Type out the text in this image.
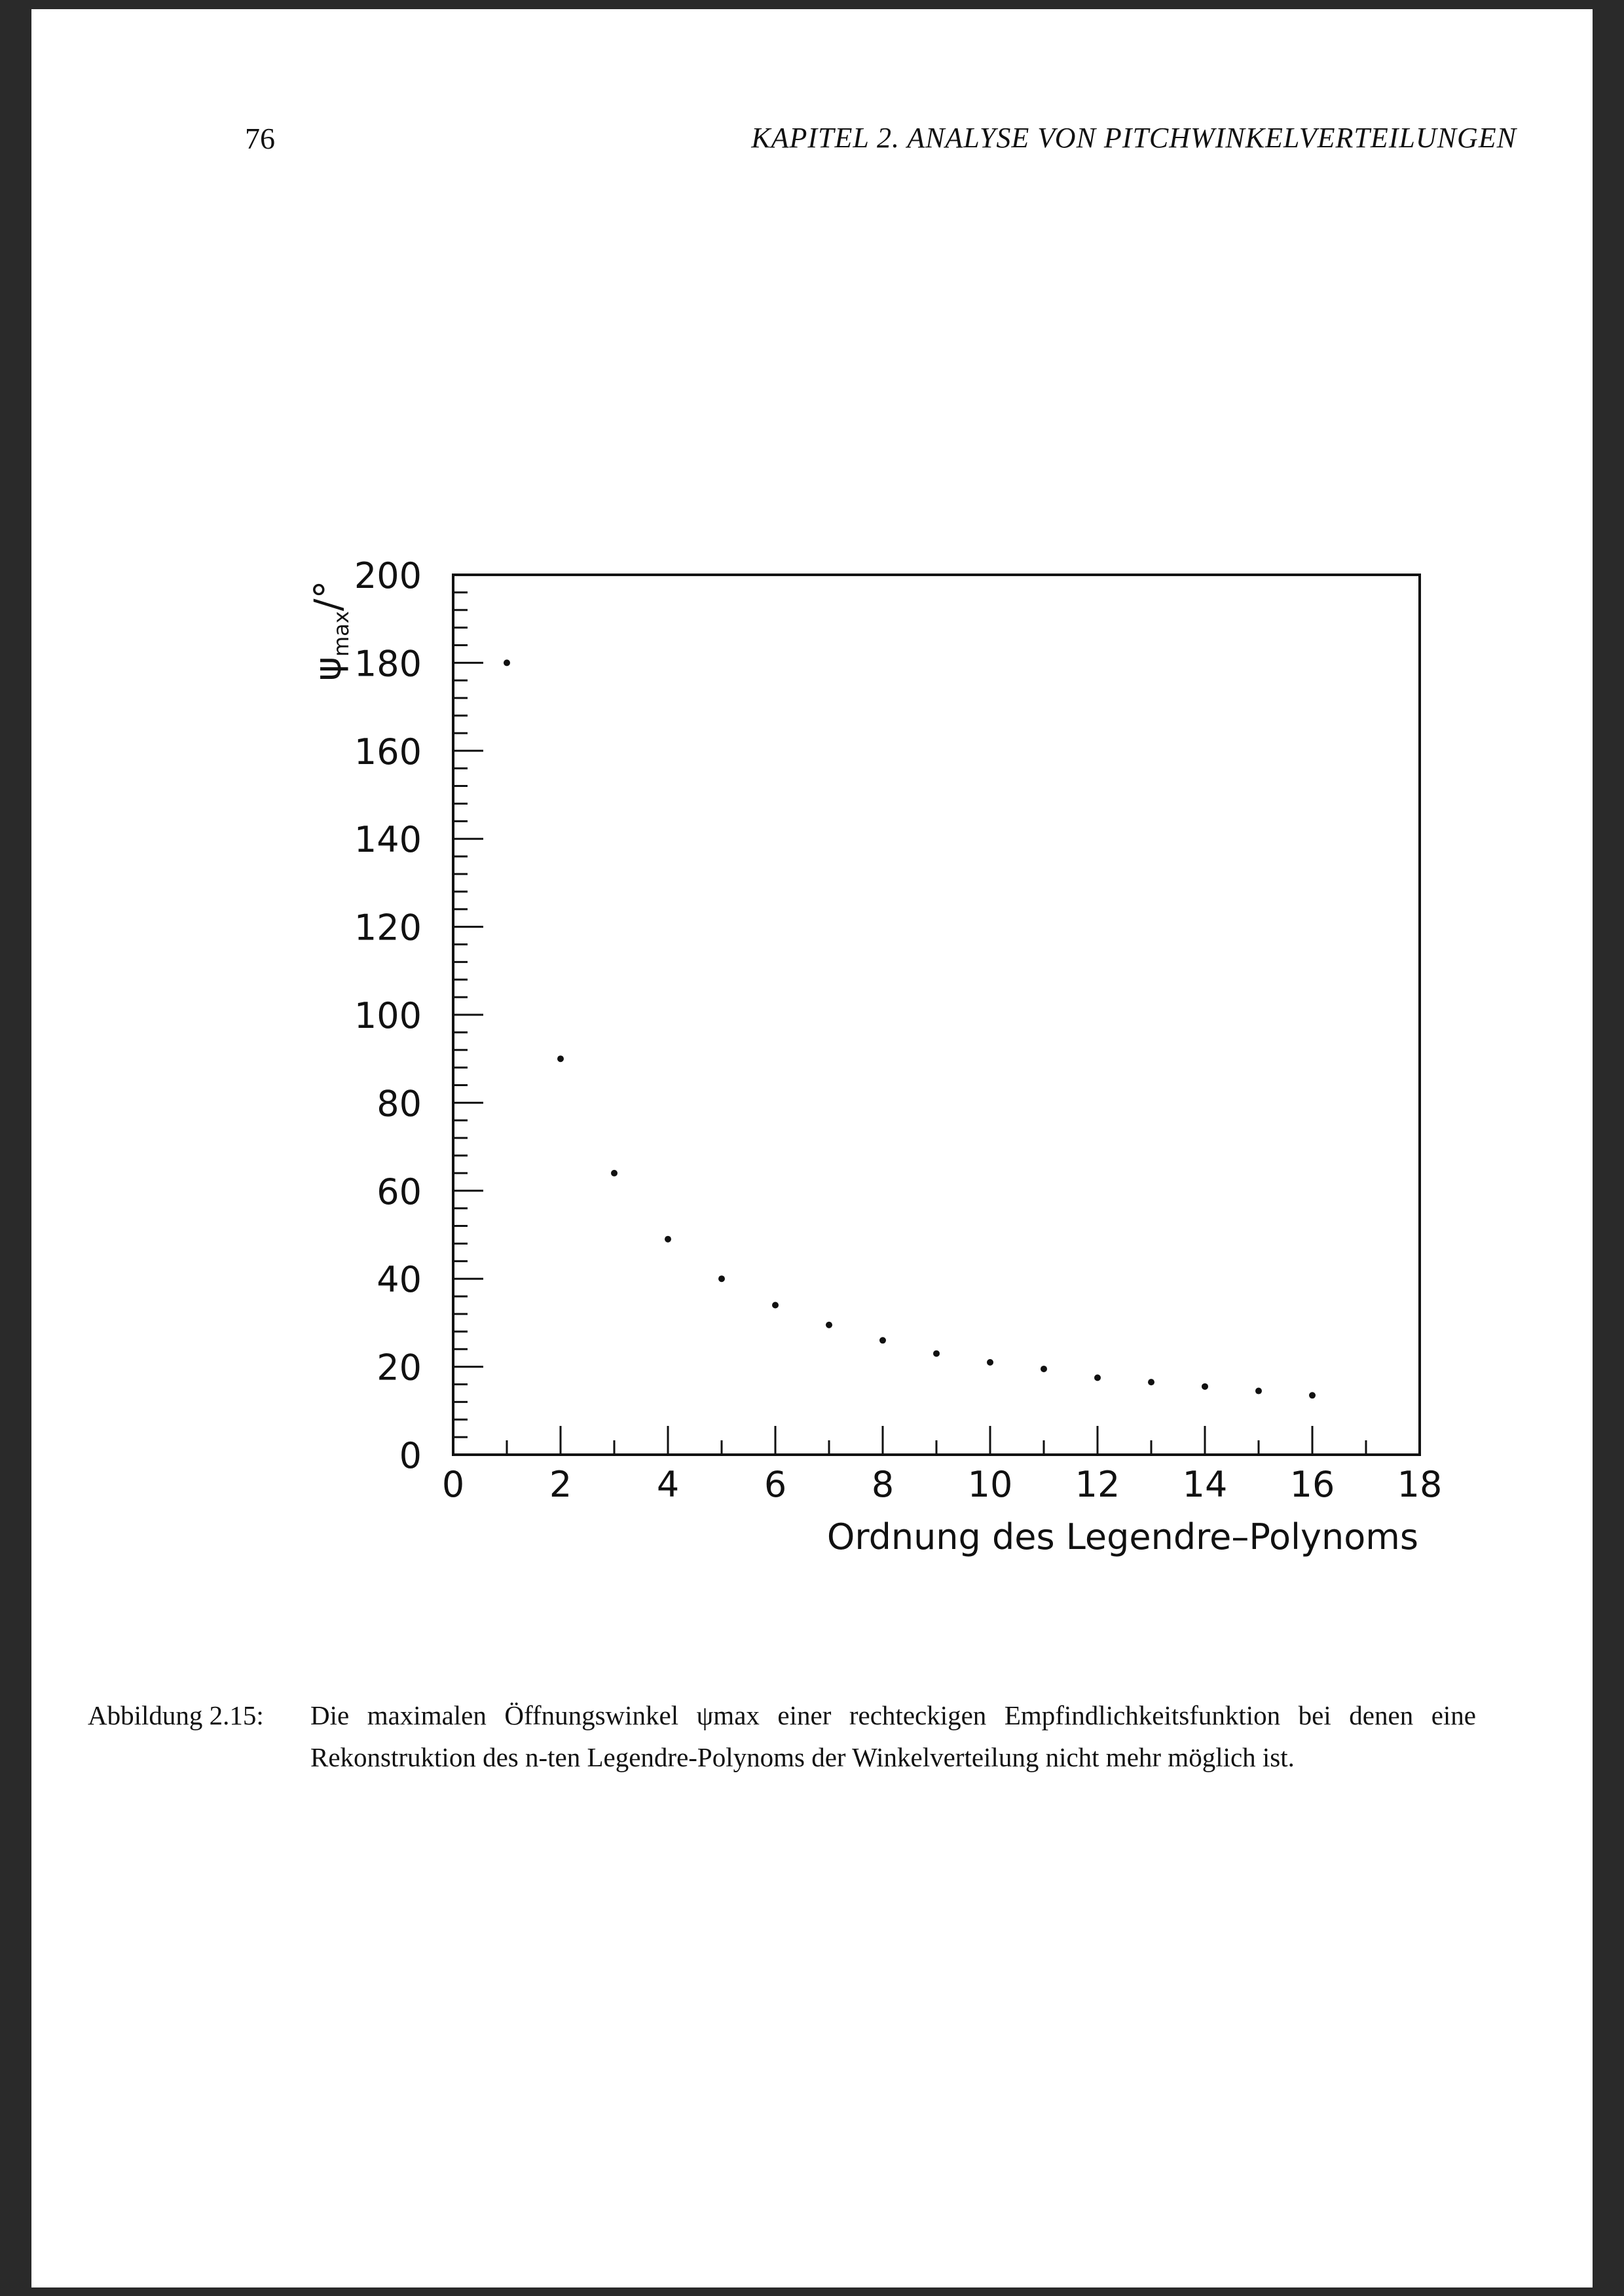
76	KAPITEL 2. ANALYSE VON PITCHWINKELVERTEILUNGEN
0
20
40
60
80
100
120
140
160
180
200
0 2 4 6 8 10 12 14 16 18
Ordnung des Legendre–Polynoms
$\psi_{max}/^\circ$
Abbildung 2.15: Die maximalen Öffnungswinkel ψmax einer rechteckigen Empfindlichkeitsfunktion bei denen eine Rekonstruktion des n-ten Legendre-Polynoms der Winkelverteilung nicht mehr möglich ist.
